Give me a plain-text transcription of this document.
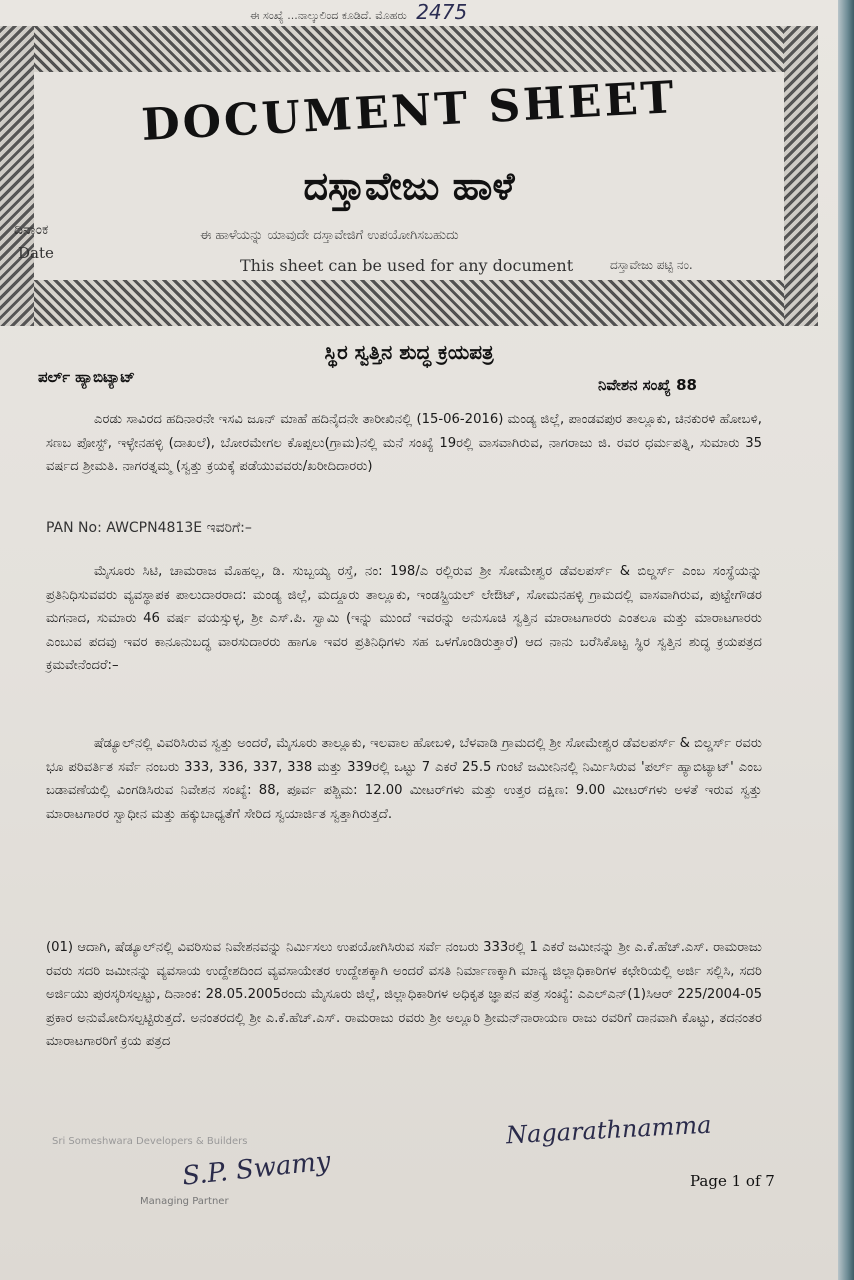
ಈ ಸಂಖ್ಯೆ ...ನಾಲ್ಕುಲಿಂದ ಕೂಡಿದೆ. ಮೊಹರು 2475
DOCUMENT SHEET
ದಸ್ತಾವೇಜು ಹಾಳೆ
ದಿನಾಂಕ
Date
ಈ ಹಾಳೆಯನ್ನು ಯಾವುದೇ ದಸ್ತಾವೇಜಿಗೆ ಉಪಯೋಗಿಸಬಹುದು
This sheet can be used for any document	ದಸ್ತಾವೇಜು ಪಟ್ಟಿ ನಂ.
ಸ್ಥಿರ ಸ್ವತ್ತಿನ ಶುದ್ಧ ಕ್ರಯಪತ್ರ
ಪರ್ಲ್ ಹ್ಯಾಬಿಟ್ಯಾಟ್	ನಿವೇಶನ ಸಂಖ್ಯೆ 88
ಎರಡು ಸಾವಿರದ ಹದಿನಾರನೇ ಇಸವಿ ಜೂನ್ ಮಾಹೆ ಹದಿನೈದನೇ ತಾರೀಖಿನಲ್ಲಿ (15-06-2016) ಮಂಡ್ಯ ಜಿಲ್ಲೆ, ಪಾಂಡವಪುರ ತಾಲ್ಲೂಕು, ಚಿನಕುರಳಿ ಹೋಬಳಿ, ಸಣಬ ಪೋಸ್ಟ್, ಇಳ್ಳೇನಹಳ್ಳಿ (ದಾಖಲೆ), ಬೋರಮೇಗಲ ಕೊಪ್ಪಲು(ಗ್ರಾಮ)ನಲ್ಲಿ ಮನೆ ಸಂಖ್ಯೆ 19ರಲ್ಲಿ ವಾಸವಾಗಿರುವ, ನಾಗರಾಜು ಜಿ. ರವರ ಧರ್ಮಪತ್ನಿ, ಸುಮಾರು 35 ವರ್ಷದ ಶ್ರೀಮತಿ. ನಾಗರತ್ನಮ್ಮ (ಸ್ವತ್ತು ಕ್ರಯಕ್ಕೆ ಪಡೆಯುವವರು/ಖರೀದಿದಾರರು)
PAN No: AWCPN4813E ಇವರಿಗೆ:–
ಮೈಸೂರು ಸಿಟಿ, ಚಾಮರಾಜ ಮೊಹಲ್ಲ, ಡಿ. ಸುಬ್ಬಯ್ಯ ರಸ್ತೆ, ನಂ: 198/ಎ ರಲ್ಲಿರುವ ಶ್ರೀ ಸೋಮೇಶ್ವರ ಡೆವಲಪರ್ಸ್ & ಬಿಲ್ಡರ್ಸ್ ಎಂಬ ಸಂಸ್ಥೆಯನ್ನು ಪ್ರತಿನಿಧಿಸುವವರು ವ್ಯವಸ್ಥಾಪಕ ಪಾಲುದಾರರಾದ: ಮಂಡ್ಯ ಜಿಲ್ಲೆ, ಮದ್ದೂರು ತಾಲ್ಲೂಕು, ಇಂಡಸ್ಟ್ರಿಯಲ್ ಲೇಔಟ್, ಸೋಮನಹಳ್ಳಿ ಗ್ರಾಮದಲ್ಲಿ ವಾಸವಾಗಿರುವ, ಪುಟ್ಟೇಗೌಡರ ಮಗನಾದ, ಸುಮಾರು 46 ವರ್ಷ ವಯಸ್ಸುಳ್ಳ, ಶ್ರೀ ಎಸ್.ಪಿ. ಸ್ವಾಮಿ (ಇನ್ನು ಮುಂದೆ ಇವರನ್ನು ಅನುಸೂಚಿ ಸ್ವತ್ತಿನ ಮಾರಾಟಗಾರರು ಎಂತಲೂ ಮತ್ತು ಮಾರಾಟಗಾರರು ಎಂಬುವ ಪದವು ಇವರ ಕಾನೂನುಬದ್ಧ ವಾರಸುದಾರರು ಹಾಗೂ ಇವರ ಪ್ರತಿನಿಧಿಗಳು ಸಹ ಒಳಗೊಂಡಿರುತ್ತಾರೆ) ಆದ ನಾನು ಬರೆಸಿಕೊಟ್ಟ ಸ್ಥಿರ ಸ್ವತ್ತಿನ ಶುದ್ಧ ಕ್ರಯಪತ್ರದ ಕ್ರಮವೇನೆಂದರೆ:–
ಷೆಡ್ಯೂಲ್‌ನಲ್ಲಿ ವಿವರಿಸಿರುವ ಸ್ವತ್ತು ಅಂದರೆ, ಮೈಸೂರು ತಾಲ್ಲೂಕು, ಇಲವಾಲ ಹೋಬಳಿ, ಬೆಳವಾಡಿ ಗ್ರಾಮದಲ್ಲಿ ಶ್ರೀ ಸೋಮೇಶ್ವರ ಡೆವಲಪರ್ಸ್ & ಬಿಲ್ಡರ್ಸ್ ರವರು ಭೂ ಪರಿವರ್ತಿತ ಸರ್ವೆ ನಂಬರು 333, 336, 337, 338 ಮತ್ತು 339ರಲ್ಲಿ ಒಟ್ಟು 7 ಎಕರೆ 25.5 ಗುಂಟೆ ಜಮೀನಿನಲ್ಲಿ ನಿರ್ಮಿಸಿರುವ 'ಪರ್ಲ್ ಹ್ಯಾಬಿಟ್ಯಾಟ್' ಎಂಬ ಬಡಾವಣೆಯಲ್ಲಿ ವಿಂಗಡಿಸಿರುವ ನಿವೇಶನ ಸಂಖ್ಯೆ: 88, ಪೂರ್ವ ಪಶ್ಚಿಮ: 12.00 ಮೀಟರ್‌ಗಳು ಮತ್ತು ಉತ್ತರ ದಕ್ಷಿಣ: 9.00 ಮೀಟರ್‌ಗಳು ಅಳತೆ ಇರುವ ಸ್ವತ್ತು ಮಾರಾಟಗಾರರ ಸ್ವಾಧೀನ ಮತ್ತು ಹಕ್ಕುಬಾಧ್ಯತೆಗೆ ಸೇರಿದ ಸ್ವಯಾರ್ಜಿತ ಸ್ವತ್ತಾಗಿರುತ್ತದೆ.
(01) ಆದಾಗಿ, ಷೆಡ್ಯೂಲ್‌ನಲ್ಲಿ ವಿವರಿಸುವ ನಿವೇಶನವನ್ನು ನಿರ್ಮಿಸಲು ಉಪಯೋಗಿಸಿರುವ ಸರ್ವೆ ನಂಬರು 333ರಲ್ಲಿ 1 ಎಕರೆ ಜಮೀನನ್ನು ಶ್ರೀ ಎ.ಕೆ.ಹೆಚ್.ಎಸ್. ರಾಮರಾಜು ರವರು ಸದರಿ ಜಮೀನನ್ನು ವ್ಯವಸಾಯ ಉದ್ದೇಶದಿಂದ ವ್ಯವಸಾಯೇತರ ಉದ್ದೇಶಕ್ಕಾಗಿ ಅಂದರೆ ವಸತಿ ನಿರ್ಮಾಣಕ್ಕಾಗಿ ಮಾನ್ಯ ಜಿಲ್ಲಾಧಿಕಾರಿಗಳ ಕಛೇರಿಯಲ್ಲಿ ಅರ್ಜಿ ಸಲ್ಲಿಸಿ, ಸದರಿ ಅರ್ಜಿಯು ಪುರಸ್ಕರಿಸಲ್ಪಟ್ಟು, ದಿನಾಂಕ: 28.05.2005ರಂದು ಮೈಸೂರು ಜಿಲ್ಲೆ, ಜಿಲ್ಲಾಧಿಕಾರಿಗಳ ಅಧಿಕೃತ ಜ್ಞಾಪನ ಪತ್ರ ಸಂಖ್ಯೆ: ಎಎಲ್‌ಎನ್(1)ಸಿಆರ್ 225/2004-05 ಪ್ರಕಾರ ಅನುಮೋದಿಸಲ್ಪಟ್ಟಿರುತ್ತದೆ. ಅನಂತರದಲ್ಲಿ ಶ್ರೀ ಎ.ಕೆ.ಹೆಚ್.ಎಸ್. ರಾಮರಾಜು ರವರು ಶ್ರೀ ಅಲ್ಲೂರಿ ಶ್ರೀಮನ್‌ನಾರಾಯಣ ರಾಜು ರವರಿಗೆ ದಾನವಾಗಿ ಕೊಟ್ಟು, ತದನಂತರ ಮಾರಾಟಗಾರರಿಗೆ ಕ್ರಯ ಪತ್ರದ
Sri Someshwara Developers & Builders	Nagarathnamma
S.P. Swamy
Managing Partner
Page 1 of 7
